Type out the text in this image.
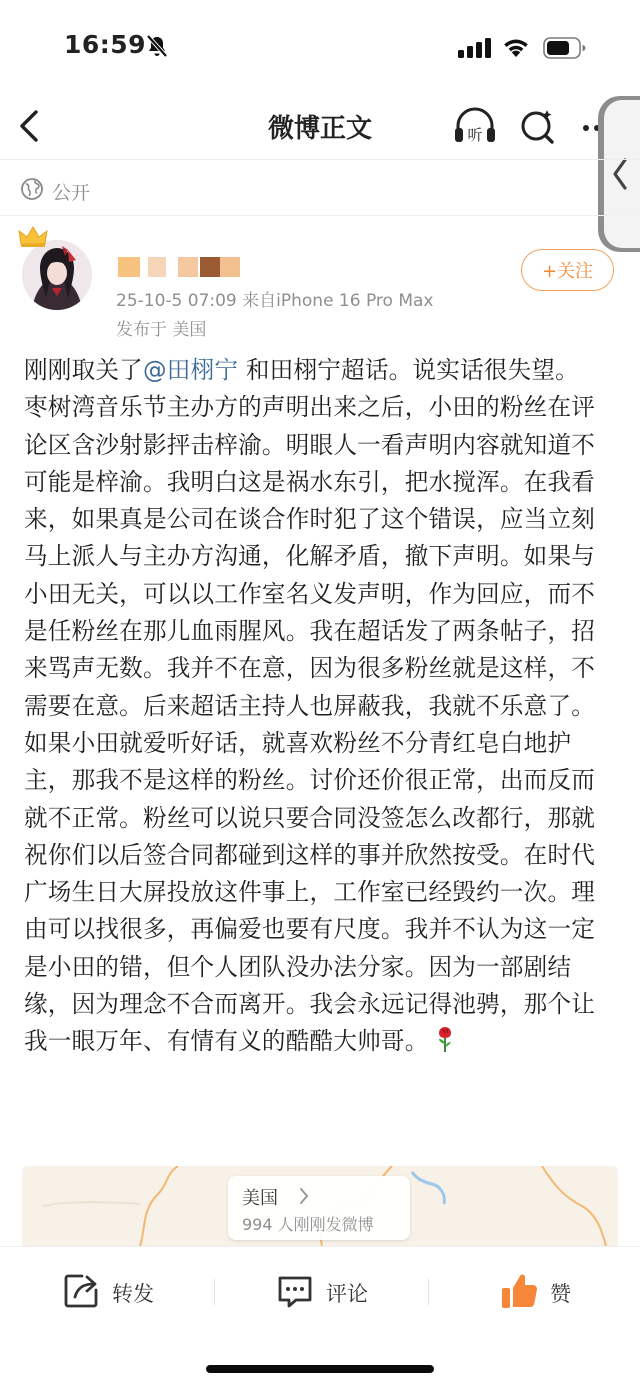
16:59
微博正文	听
公开
25-10-5 07:09 来自iPhone 16 Pro Max
发布于 美国
+关注
刚刚取关了@田栩宁 和田栩宁超话。说实话很失望。枣树湾音乐节主办方的声明出来之后，小田的粉丝在评论区含沙射影抨击梓渝。明眼人一看声明内容就知道不可能是梓渝。我明白这是祸水东引，把水搅浑。在我看来，如果真是公司在谈合作时犯了这个错误，应当立刻马上派人与主办方沟通，化解矛盾，撤下声明。如果与小田无关，可以以工作室名义发声明，作为回应，而不是任粉丝在那儿血雨腥风。我在超话发了两条帖子，招来骂声无数。我并不在意，因为很多粉丝就是这样，不需要在意。后来超话主持人也屏蔽我，我就不乐意了。如果小田就爱听好话，就喜欢粉丝不分青红皂白地护主，那我不是这样的粉丝。讨价还价很正常，出而反而就不正常。粉丝可以说只要合同没签怎么改都行，那就祝你们以后签合同都碰到这样的事并欣然按受。在时代广场生日大屏投放这件事上，工作室已经毁约一次。理由可以找很多，再偏爱也要有尺度。我并不认为这一定是小田的错，但个人团队没办法分家。因为一部剧结缘，因为理念不合而离开。我会永远记得池骋，那个让我一眼万年、有情有义的酷酷大帅哥。
美国
994 人刚刚发微博
转发	评论	赞
